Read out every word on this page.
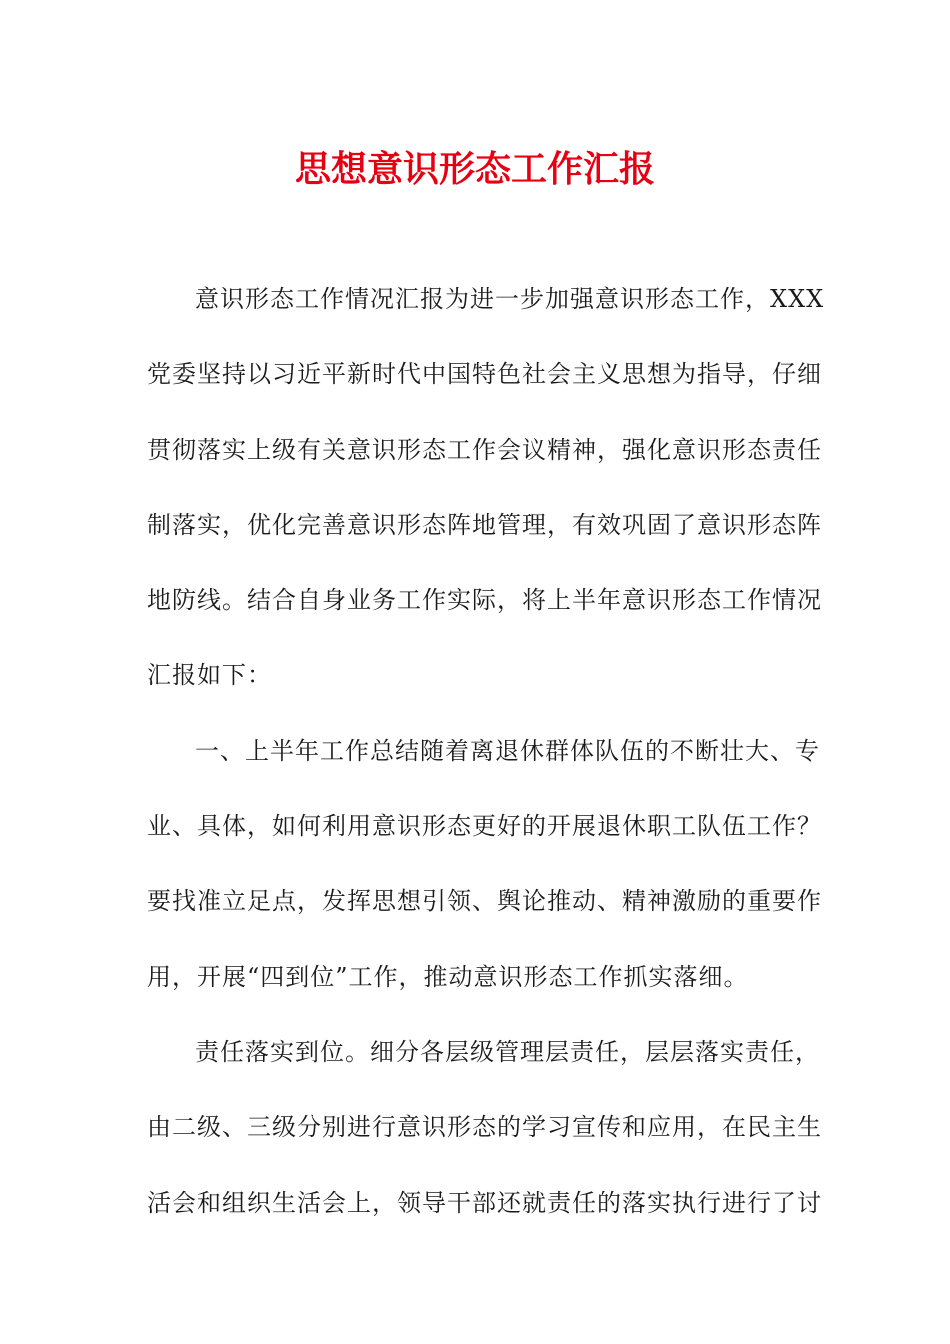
思想意识形态工作汇报
意识形态工作情况汇报为进一步加强意识形态工作，XXX
党委坚持以习近平新时代中国特色社会主义思想为指导，仔细
贯彻落实上级有关意识形态工作会议精神，强化意识形态责任
制落实，优化完善意识形态阵地管理，有效巩固了意识形态阵
地防线。结合自身业务工作实际，将上半年意识形态工作情况
汇报如下：
一、上半年工作总结随着离退休群体队伍的不断壮大、专
业、具体，如何利用意识形态更好的开展退休职工队伍工作？
要找准立足点，发挥思想引领、舆论推动、精神激励的重要作
用，开展“四到位”工作，推动意识形态工作抓实落细。
责任落实到位。细分各层级管理层责任，层层落实责任，
由二级、三级分别进行意识形态的学习宣传和应用，在民主生
活会和组织生活会上，领导干部还就责任的落实执行进行了讨
